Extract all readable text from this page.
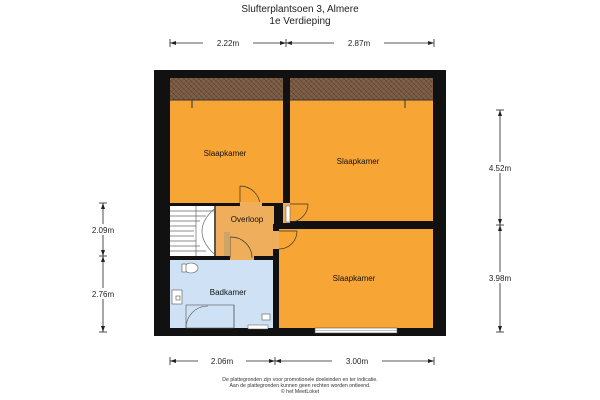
Slufterplantsoen 3, Almere
1e Verdieping
2.22m	2.87m
2.06m	3.00m
4.52m
3.98m
2.09m
2.76m
Slaapkamer
Slaapkamer
Overloop
Badkamer
Slaapkamer
De plattegronden zijn voor promotionele doeleinden en ter indicatie.
Aan de plattegronden kunnen geen rechten worden ontleend.
© het MeetLoket
